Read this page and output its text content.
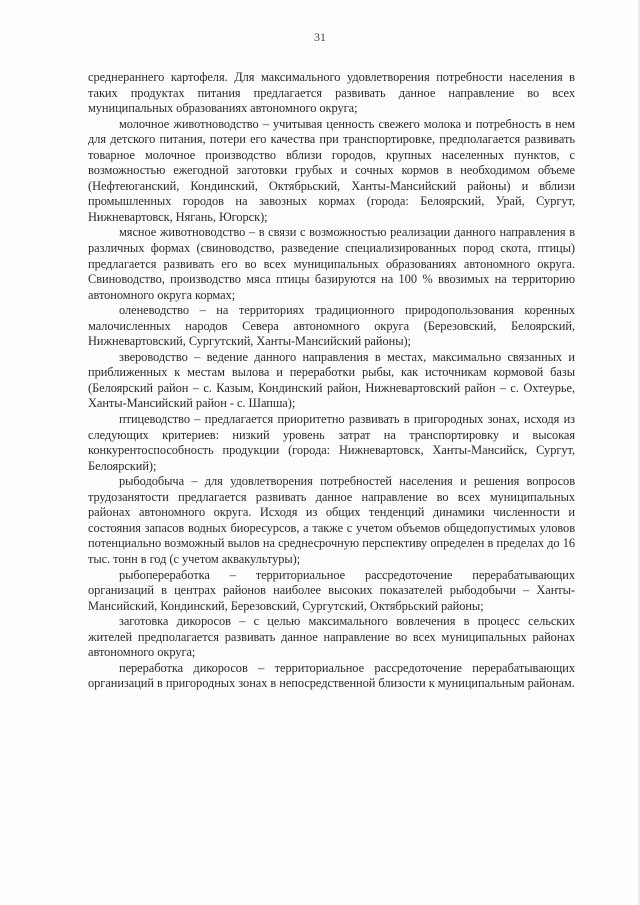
31

среднераннего картофеля. Для максимального удовлетворения потребности населения в таких продуктах питания предлагается развивать данное направление во всех муниципальных образованиях автономного округа;

молочное животноводство – учитывая ценность свежего молока и потребность в нем для детского питания, потери его качества при транспортировке, предполагается развивать товарное молочное производство вблизи городов, крупных населенных пунктов, с возможностью ежегодной заготовки грубых и сочных кормов в необходимом объеме (Нефтеюганский, Кондинский, Октябрьский, Ханты-Мансийский районы) и вблизи промышленных городов на завозных кормах (города: Белоярский, Урай, Сургут, Нижневартовск, Нягань, Югорск);

мясное животноводство – в связи с возможностью реализации данного направления в различных формах (свиноводство, разведение специализированных пород скота, птицы) предлагается развивать его во всех муниципальных образованиях автономного округа. Свиноводство, производство мяса птицы базируются на 100 % ввозимых на территорию автономного округа кормах;

оленеводство – на территориях традиционного природопользования коренных малочисленных народов Севера автономного округа (Березовский, Белоярский, Нижневартовский, Сургутский, Ханты-Мансийский районы);

звероводство – ведение данного направления в местах, максимально связанных и приближенных к местам вылова и переработки рыбы, как источникам кормовой базы (Белоярский район – с. Казым, Кондинский район, Нижневартовский район – с. Охтеурье, Ханты-Мансийский район - с. Шапша);

птицеводство – предлагается приоритетно развивать в пригородных зонах, исходя из следующих критериев: низкий уровень затрат на транспортировку и высокая конкурентоспособность продукции (города: Нижневартовск, Ханты-Мансийск, Сургут, Белоярский);

рыбодобыча – для удовлетворения потребностей населения и решения вопросов трудозанятости предлагается развивать данное направление во всех муниципальных районах автономного округа. Исходя из общих тенденций динамики численности и состояния запасов водных биоресурсов, а также с учетом объемов общедопустимых уловов потенциально возможный вылов на среднесрочную перспективу определен в пределах до 16 тыс. тонн в год (с учетом аквакультуры);

рыбопереработка – территориальное рассредоточение перерабатывающих организаций в центрах районов наиболее высоких показателей рыбодобычи – Ханты-Мансийский, Кондинский, Березовский, Сургутский, Октябрьский районы;

заготовка дикоросов – с целью максимального вовлечения в процесс сельских жителей предполагается развивать данное направление во всех муниципальных районах автономного округа;

переработка дикоросов – территориальное рассредоточение перерабатывающих организаций в пригородных зонах в непосредственной близости к муниципальным районам.
